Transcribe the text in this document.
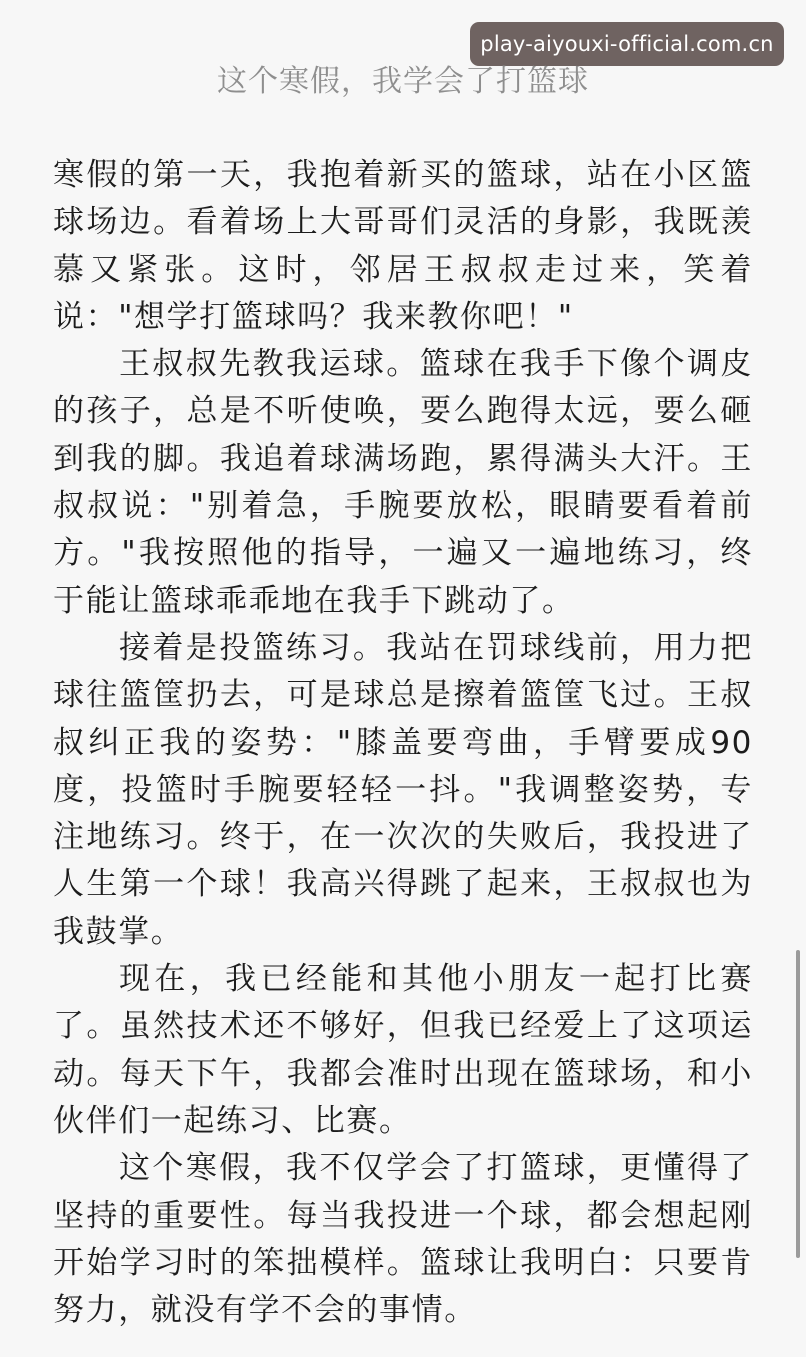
play-aiyouxi-official.com.cn
这个寒假，我学会了打篮球

寒假的第一天，我抱着新买的篮球，站在小区篮球场边。看着场上大哥哥们灵活的身影，我既羡慕又紧张。这时，邻居王叔叔走过来，笑着说："想学打篮球吗？我来教你吧！"

王叔叔先教我运球。篮球在我手下像个调皮的孩子，总是不听使唤，要么跑得太远，要么砸到我的脚。我追着球满场跑，累得满头大汗。王叔叔说："别着急，手腕要放松，眼睛要看着前方。"我按照他的指导，一遍又一遍地练习，终于能让篮球乖乖地在我手下跳动了。

接着是投篮练习。我站在罚球线前，用力把球往篮筐扔去，可是球总是擦着篮筐飞过。王叔叔纠正我的姿势："膝盖要弯曲，手臂要成90度，投篮时手腕要轻轻一抖。"我调整姿势，专注地练习。终于，在一次次的失败后，我投进了人生第一个球！我高兴得跳了起来，王叔叔也为我鼓掌。

现在，我已经能和其他小朋友一起打比赛了。虽然技术还不够好，但我已经爱上了这项运动。每天下午，我都会准时出现在篮球场，和小伙伴们一起练习、比赛。

这个寒假，我不仅学会了打篮球，更懂得了坚持的重要性。每当我投进一个球，都会想起刚开始学习时的笨拙模样。篮球让我明白：只要肯努力，就没有学不会的事情。
